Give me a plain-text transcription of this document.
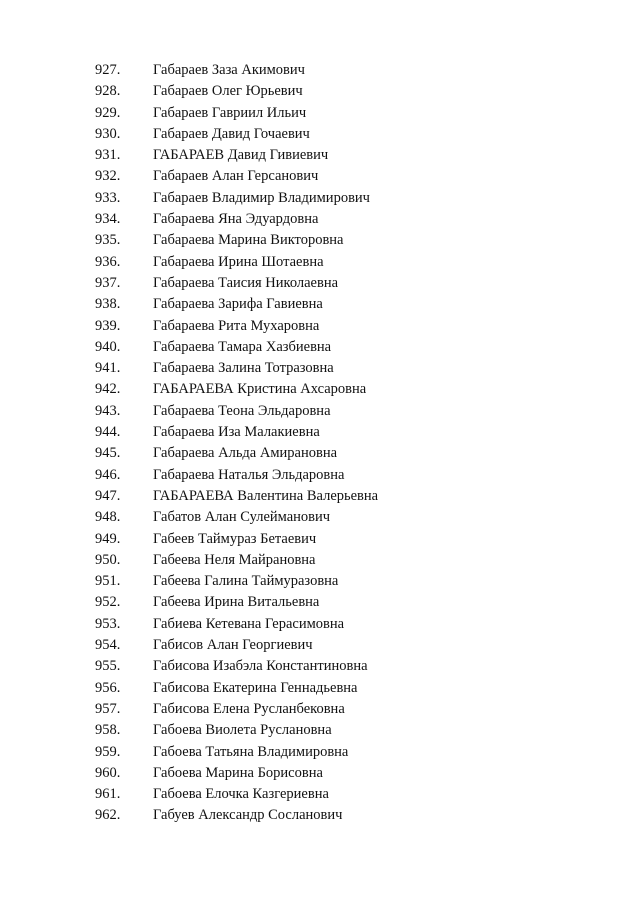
927. Габараев Заза Акимович
928. Габараев Олег Юрьевич
929. Габараев Гавриил Ильич
930. Габараев Давид Гочаевич
931. ГАБАРАЕВ Давид Гивиевич
932. Габараев Алан Герсанович
933. Габараев Владимир Владимирович
934. Габараева Яна Эдуардовна
935. Габараева Марина Викторовна
936. Габараева Ирина Шотаевна
937. Габараева Таисия Николаевна
938. Габараева Зарифа Гавиевна
939. Габараева Рита Мухаровна
940. Габараева Тамара Хазбиевна
941. Габараева Залина Тотразовна
942. ГАБАРАЕВА Кристина Ахсаровна
943. Габараева Теона Эльдаровна
944. Габараева Иза Малакиевна
945. Габараева Альда Амирановна
946. Габараева Наталья Эльдаровна
947. ГАБАРАЕВА Валентина Валерьевна
948. Габатов Алан Сулейманович
949. Габеев Таймураз Бетаевич
950. Габеева Неля Майрановна
951. Габеева Галина Таймуразовна
952. Габеева Ирина Витальевна
953. Габиева Кетевана Герасимовна
954. Габисов Алан Георгиевич
955. Габисова Изабэла Константиновна
956. Габисова Екатерина Геннадьевна
957. Габисова Елена Русланбековна
958. Габоева Виолета Руслановна
959. Габоева Татьяна Владимировна
960. Габоева Марина Борисовна
961. Габоева Елочка Казгериевна
962. Габуев Александр Сосланович
